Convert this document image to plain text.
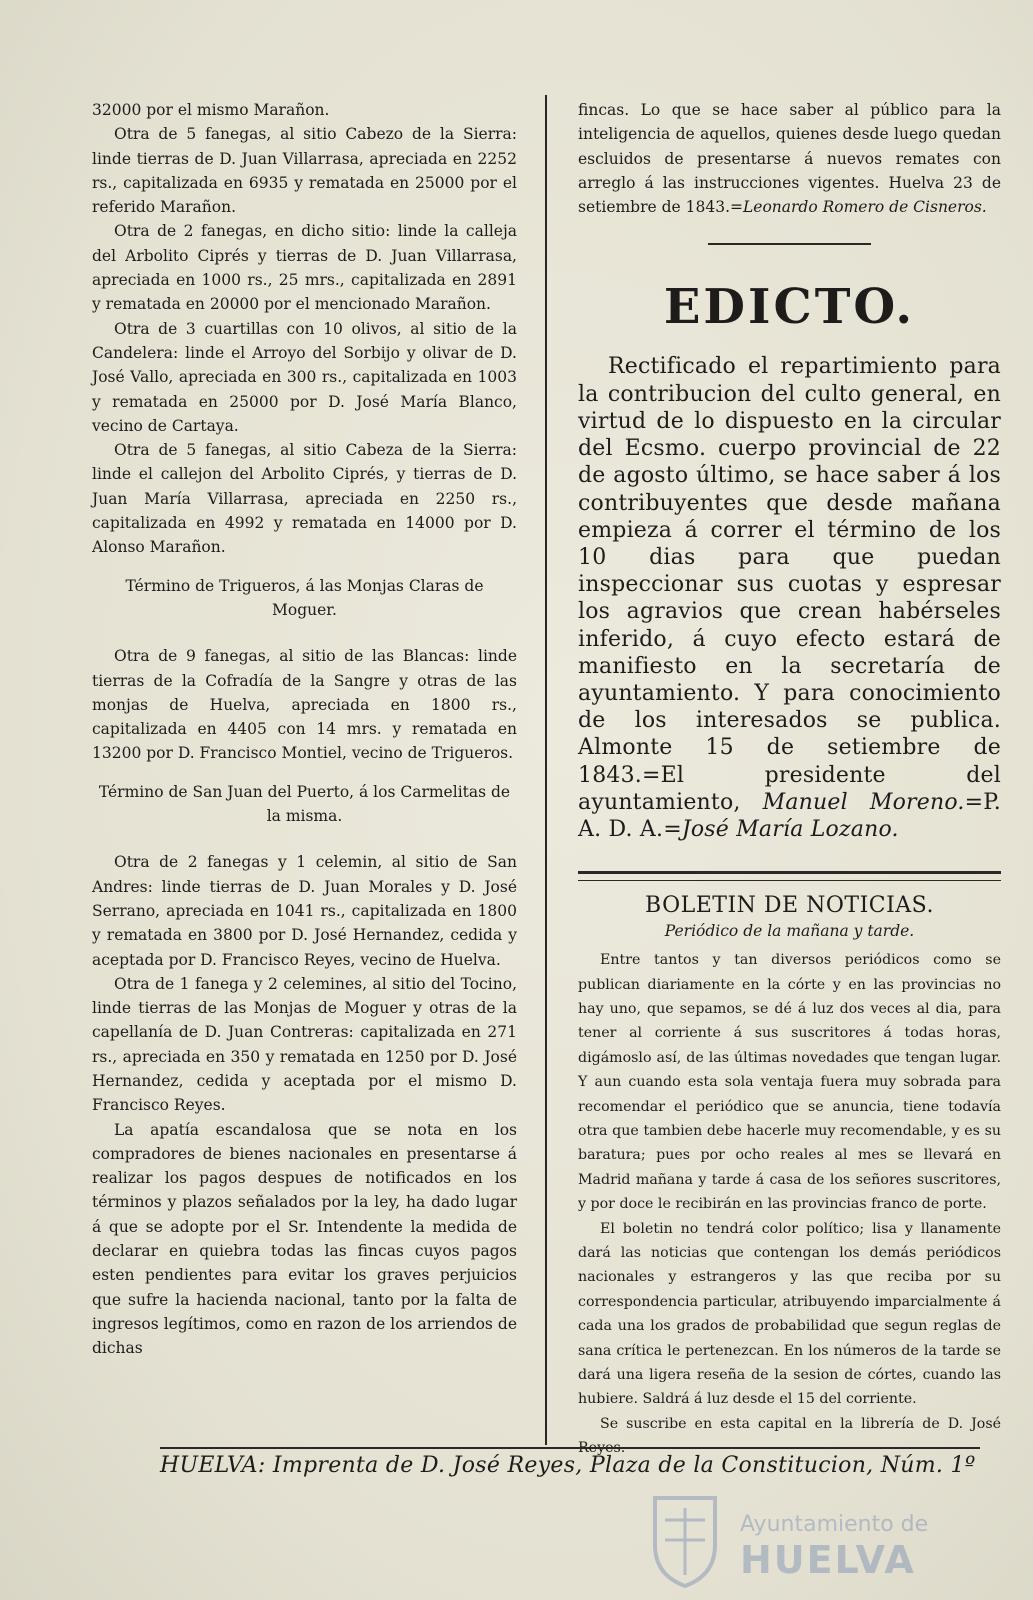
32000 por el mismo Marañon.

Otra de 5 fanegas, al sitio Cabezo de la Sierra: linde tierras de D. Juan Villarrasa, apreciada en 2252 rs., capitalizada en 6935 y rematada en 25000 por el referido Marañon.

Otra de 2 fanegas, en dicho sitio: linde la calleja del Arbolito Ciprés y tierras de D. Juan Villarrasa, apreciada en 1000 rs., 25 mrs., capitalizada en 2891 y rematada en 20000 por el mencionado Marañon.

Otra de 3 cuartillas con 10 olivos, al sitio de la Candelera: linde el Arroyo del Sorbijo y olivar de D. José Vallo, apreciada en 300 rs., capitalizada en 1003 y rematada en 25000 por D. José María Blanco, vecino de Cartaya.

Otra de 5 fanegas, al sitio Cabeza de la Sierra: linde el callejon del Arbolito Ciprés, y tierras de D. Juan María Villarrasa, apreciada en 2250 rs., capitalizada en 4992 y rematada en 14000 por D. Alonso Marañon.

Término de Trigueros, á las Monjas Claras de Moguer.

Otra de 9 fanegas, al sitio de las Blancas: linde tierras de la Cofradía de la Sangre y otras de las monjas de Huelva, apreciada en 1800 rs., capitalizada en 4405 con 14 mrs. y rematada en 13200 por D. Francisco Montiel, vecino de Trigueros.

Término de San Juan del Puerto, á los Carmelitas de la misma.

Otra de 2 fanegas y 1 celemin, al sitio de San Andres: linde tierras de D. Juan Morales y D. José Serrano, apreciada en 1041 rs., capitalizada en 1800 y rematada en 3800 por D. José Hernandez, cedida y aceptada por D. Francisco Reyes, vecino de Huelva.

Otra de 1 fanega y 2 celemines, al sitio del Tocino, linde tierras de las Monjas de Moguer y otras de la capellanía de D. Juan Contreras: capitalizada en 271 rs., apreciada en 350 y rematada en 1250 por D. José Hernandez, cedida y aceptada por el mismo D. Francisco Reyes.

La apatía escandalosa que se nota en los compradores de bienes nacionales en presentarse á realizar los pagos despues de notificados en los términos y plazos señalados por la ley, ha dado lugar á que se adopte por el Sr. Intendente la medida de declarar en quiebra todas las fincas cuyos pagos esten pendientes para evitar los graves perjuicios que sufre la hacienda nacional, tanto por la falta de ingresos legítimos, como en razon de los arriendos de dichas

fincas. Lo que se hace saber al público para la inteligencia de aquellos, quienes desde luego quedan escluidos de presentarse á nuevos remates con arreglo á las instrucciones vigentes. Huelva 23 de setiembre de 1843.=Leonardo Romero de Cisneros.

EDICTO.

Rectificado el repartimiento para la contribucion del culto general, en virtud de lo dispuesto en la circular del Ecsmo. cuerpo provincial de 22 de agosto último, se hace saber á los contribuyentes que desde mañana empieza á correr el término de los 10 dias para que puedan inspeccionar sus cuotas y espresar los agravios que crean habérseles inferido, á cuyo efecto estará de manifiesto en la secretaría de ayuntamiento. Y para conocimiento de los interesados se publica. Almonte 15 de setiembre de 1843.=El presidente del ayuntamiento, Manuel Moreno.=P. A. D. A.=José María Lozano.

BOLETIN DE NOTICIAS.
Periódico de la mañana y tarde.

Entre tantos y tan diversos periódicos como se publican diariamente en la córte y en las provincias no hay uno, que sepamos, se dé á luz dos veces al dia, para tener al corriente á sus suscritores á todas horas, digámoslo así, de las últimas novedades que tengan lugar. Y aun cuando esta sola ventaja fuera muy sobrada para recomendar el periódico que se anuncia, tiene todavía otra que tambien debe hacerle muy recomendable, y es su baratura; pues por ocho reales al mes se llevará en Madrid mañana y tarde á casa de los señores suscritores, y por doce le recibirán en las provincias franco de porte.

El boletin no tendrá color político; lisa y llanamente dará las noticias que contengan los demás periódicos nacionales y estrangeros y las que reciba por su correspondencia particular, atribuyendo imparcialmente á cada una los grados de probabilidad que segun reglas de sana crítica le pertenezcan. En los números de la tarde se dará una ligera reseña de la sesion de córtes, cuando las hubiere. Saldrá á luz desde el 15 del corriente.

Se suscribe en esta capital en la librería de D. José Reyes.

HUELVA: Imprenta de D. José Reyes, Plaza de la Constitucion, Núm. 1º
Ayuntamiento de
HUELVA
